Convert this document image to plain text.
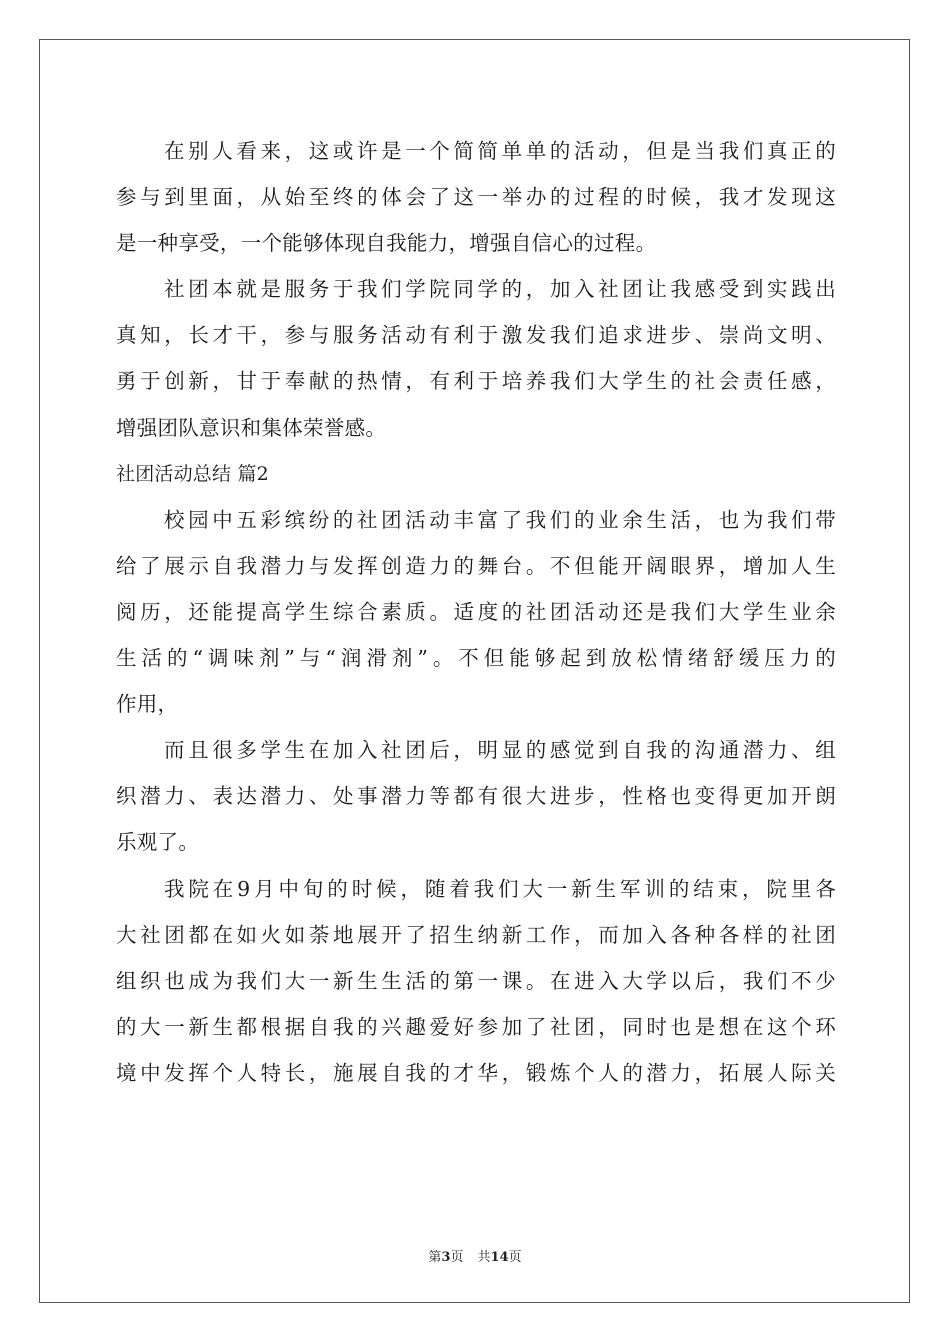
在别人看来，这或许是一个简简单单的活动，但是当我们真正的
参与到里面，从始至终的体会了这一举办的过程的时候，我才发现这
是一种享受，一个能够体现自我能力，增强自信心的过程。
社团本就是服务于我们学院同学的，加入社团让我感受到实践出
真知，长才干，参与服务活动有利于激发我们追求进步、崇尚文明、
勇于创新，甘于奉献的热情，有利于培养我们大学生的社会责任感，
增强团队意识和集体荣誉感。
社团活动总结 篇2
校园中五彩缤纷的社团活动丰富了我们的业余生活，也为我们带
给了展示自我潜力与发挥创造力的舞台。不但能开阔眼界，增加人生
阅历，还能提高学生综合素质。适度的社团活动还是我们大学生业余
生活的“调味剂”与“润滑剂”。不但能够起到放松情绪舒缓压力的
作用，
而且很多学生在加入社团后，明显的感觉到自我的沟通潜力、组
织潜力、表达潜力、处事潜力等都有很大进步，性格也变得更加开朗
乐观了。
我院在9月中旬的时候，随着我们大一新生军训的结束，院里各
大社团都在如火如荼地展开了招生纳新工作，而加入各种各样的社团
组织也成为我们大一新生生活的第一课。在进入大学以后，我们不少
的大一新生都根据自我的兴趣爱好参加了社团，同时也是想在这个环
境中发挥个人特长，施展自我的才华，锻炼个人的潜力，拓展人际关
第3页 共14页
